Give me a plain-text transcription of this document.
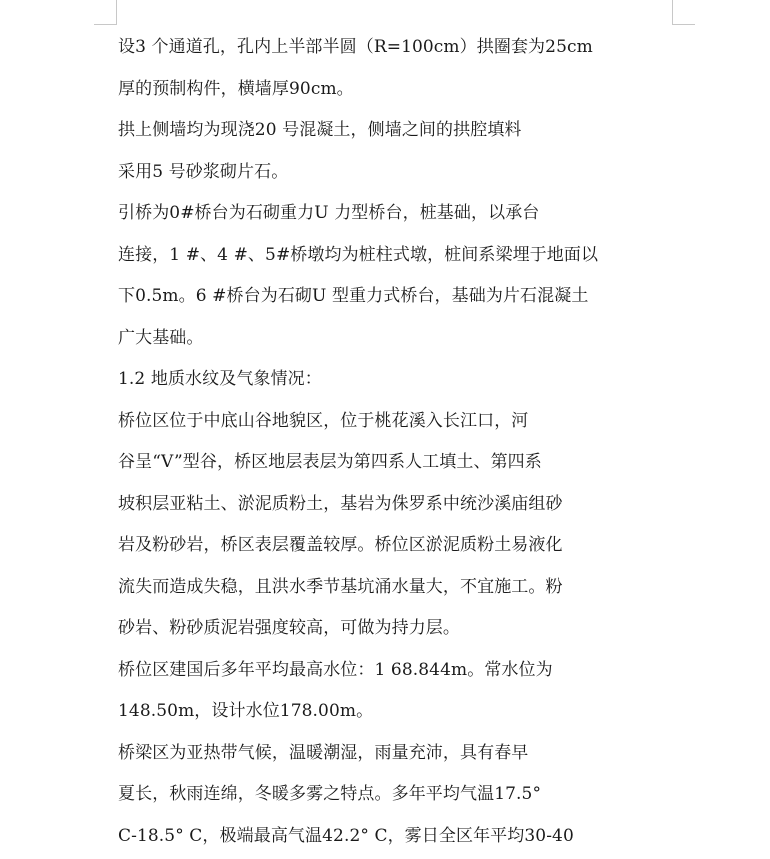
设3 个通道孔，孔内上半部半圆（R=100cm）拱圈套为25cm
厚的预制构件，横墙厚90cm。
拱上侧墙均为现浇20 号混凝土，侧墙之间的拱腔填料
采用5 号砂浆砌片石。
引桥为0#桥台为石砌重力U 力型桥台，桩基础，以承台
连接，1 #、4 #、5#桥墩均为桩柱式墩，桩间系梁埋于地面以
下0.5m。6 #桥台为石砌U 型重力式桥台，基础为片石混凝土
广大基础。
1.2 地质水纹及气象情况：
桥位区位于中底山谷地貌区，位于桃花溪入长江口，河
谷呈“V”型谷，桥区地层表层为第四系人工填土、第四系
坡积层亚粘土、淤泥质粉土，基岩为侏罗系中统沙溪庙组砂
岩及粉砂岩，桥区表层覆盖较厚。桥位区淤泥质粉土易液化
流失而造成失稳，且洪水季节基坑涌水量大，不宜施工。粉
砂岩、粉砂质泥岩强度较高，可做为持力层。
桥位区建国后多年平均最高水位：1 68.844m。常水位为
148.50m，设计水位178.00m。
桥梁区为亚热带气候，温暖潮湿，雨量充沛，具有春早
夏长，秋雨连绵，冬暖多雾之特点。多年平均气温17.5°
C-18.5° C，极端最高气温42.2° C，雾日全区年平均30-40
